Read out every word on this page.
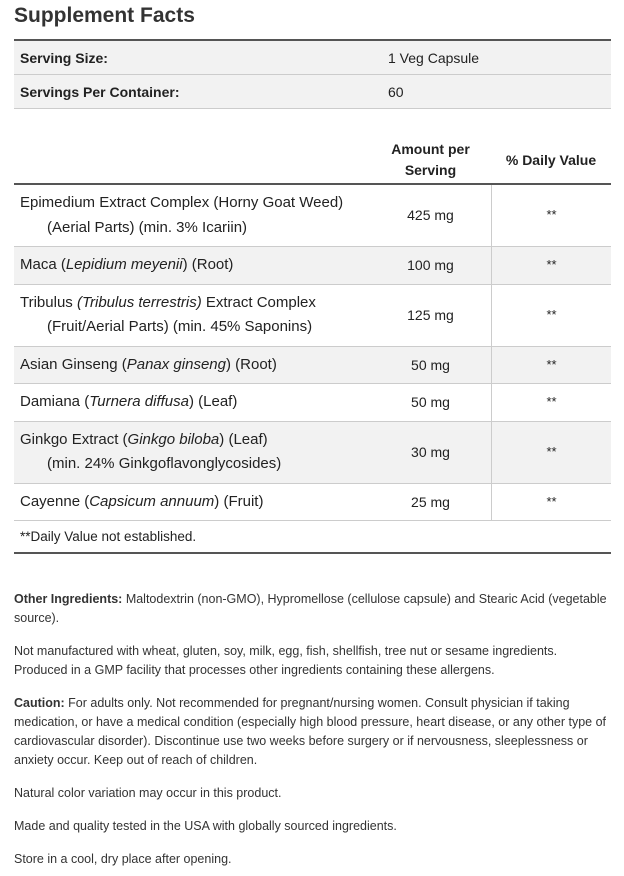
Supplement Facts
Serving Size:	1 Veg Capsule
Servings Per Container:	60
Amount per
Serving
% Daily Value
Epimedium Extract Complex (Horny Goat Weed)
(Aerial Parts) (min. 3% Icariin)
425 mg	**
Maca (Lepidium meyenii) (Root)	100 mg	**
Tribulus (Tribulus terrestris) Extract Complex
(Fruit/Aerial Parts) (min. 45% Saponins)
125 mg	**
Asian Ginseng (Panax ginseng) (Root)	50 mg	**
Damiana (Turnera diffusa) (Leaf)	50 mg	**
Ginkgo Extract (Ginkgo biloba) (Leaf)
(min. 24% Ginkgoflavonglycosides)
30 mg	**
Cayenne (Capsicum annuum) (Fruit)	25 mg	**
**Daily Value not established.

Other Ingredients: Maltodextrin (non-GMO), Hypromellose (cellulose capsule) and Stearic Acid (vegetable source).

Not manufactured with wheat, gluten, soy, milk, egg, fish, shellfish, tree nut or sesame ingredients. Produced in a GMP facility that processes other ingredients containing these allergens.

Caution: For adults only. Not recommended for pregnant/nursing women. Consult physician if taking medication, or have a medical condition (especially high blood pressure, heart disease, or any other type of cardiovascular disorder). Discontinue use two weeks before surgery or if nervousness, sleeplessness or anxiety occur. Keep out of reach of children.

Natural color variation may occur in this product.

Made and quality tested in the USA with globally sourced ingredients.

Store in a cool, dry place after opening.
